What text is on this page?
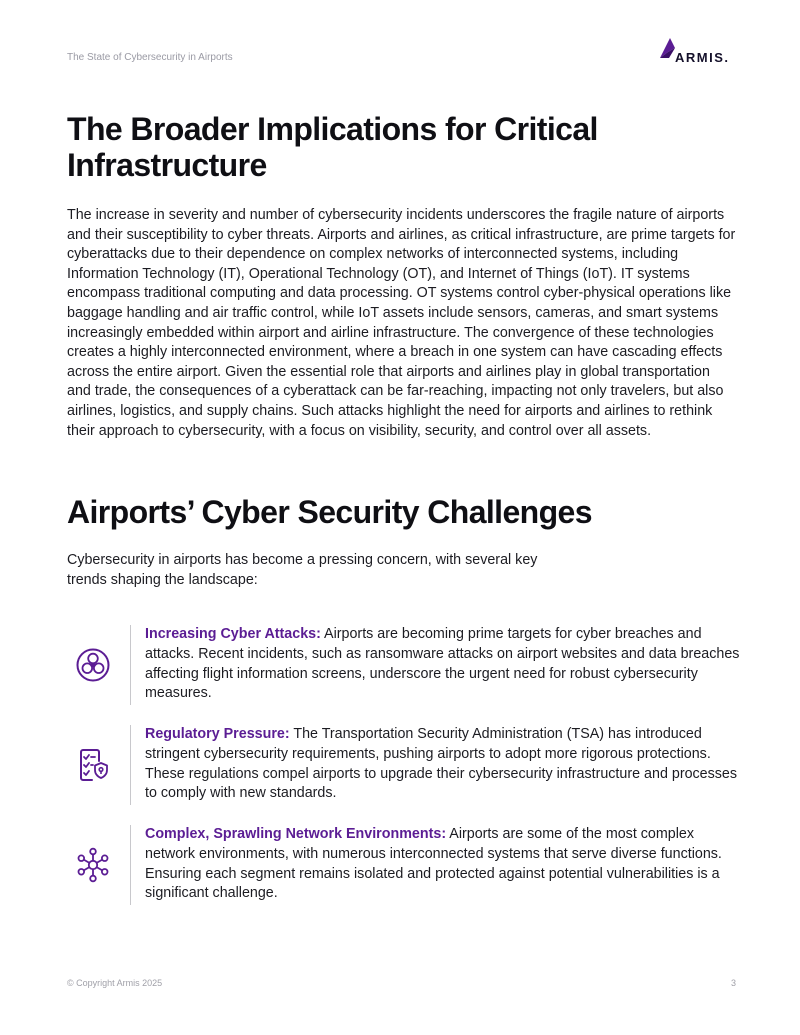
The State of Cybersecurity in Airports	ARMIS.
The Broader Implications for Critical Infrastructure

The increase in severity and number of cybersecurity incidents underscores the fragile nature of airports and their susceptibility to cyber threats. Airports and airlines, as critical infrastructure, are prime targets for cyberattacks due to their dependence on complex networks of interconnected systems, including Information Technology (IT), Operational Technology (OT), and Internet of Things (IoT). IT systems encompass traditional computing and data processing. OT systems control cyber-physical operations like baggage handling and air traffic control, while IoT assets include sensors, cameras, and smart systems increasingly embedded within airport and airline infrastructure. The convergence of these technologies creates a highly interconnected environment, where a breach in one system can have cascading effects across the entire airport. Given the essential role that airports and airlines play in global transportation and trade, the consequences of a cyberattack can be far-reaching, impacting not only travelers, but also airlines, logistics, and supply chains. Such attacks highlight the need for airports and airlines to rethink their approach to cybersecurity, with a focus on visibility, security, and control over all assets.

Airports’ Cyber Security Challenges

Cybersecurity in airports has become a pressing concern, with several key trends shaping the landscape:

Increasing Cyber Attacks: Airports are becoming prime targets for cyber breaches and attacks. Recent incidents, such as ransomware attacks on airport websites and data breaches affecting flight information screens, underscore the urgent need for robust cybersecurity measures.

Regulatory Pressure: The Transportation Security Administration (TSA) has introduced stringent cybersecurity requirements, pushing airports to adopt more rigorous protections. These regulations compel airports to upgrade their cybersecurity infrastructure and processes to comply with new standards.

Complex, Sprawling Network Environments: Airports are some of the most complex network environments, with numerous interconnected systems that serve diverse functions. Ensuring each segment remains isolated and protected against potential vulnerabilities is a significant challenge.

© Copyright Armis 2025	3
